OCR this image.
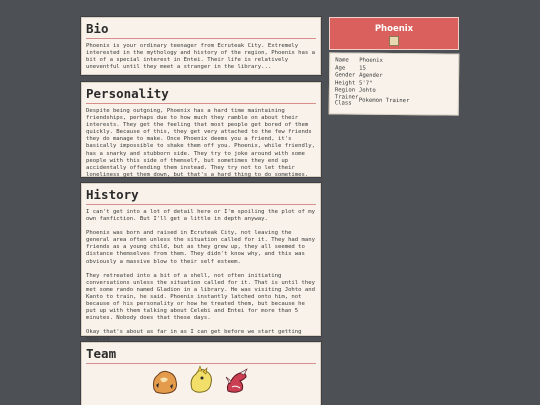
Bio
Phoenix is your ordinary teenager from Ecruteak City. Extremely interested in the mythology and history of the region, Phoenix has a bit of a special interest in Entei. Their life is relatively uneventful until they meet a stranger in the library...
Personality
Despite being outgoing, Phoenix has a hard time maintaining friendships, perhaps due to how much they ramble on about their interests. They get the feeling that most people get bored of them quickly. Because of this, they get very attached to the few friends they do manage to make. Once Phoenix deems you a friend, it's basically impossible to shake them off you. Phoenix, while friendly, has a snarky and stubborn side. They try to joke around with some people with this side of themself, but sometimes they end up accidentally offending them instead. They try not to let their loneliness get them down, but that's a hard thing to do sometimes.
History
I can't get into a lot of detail here or I'm spoiling the plot of my own fanfiction. But I'll get a little in depth anyway.
Phoenix was born and raised in Ecruteak City, not leaving the general area often unless the situation called for it. They had many friends as a young child, but as they grew up, they all seemed to distance themselves from them. They didn't know why, and this was obviously a massive blow to their self esteem.
They retreated into a bit of a shell, not often initiating conversations unless the situation called for it. That is until they met some rando named Gladion in a library. He was visiting Johto and Kanto to train, he said. Phoenix instantly latched onto him, not because of his personality or how he treated them, but because he put up with them talking about Celebi and Entei for more than 5 minutes. Nobody does that these days.
Okay that's about as far in as I can get before we start getting spoiled
Team
Phoenix
Name	Phoenix
Age	15
Gender Agender
Height 5'7"
Region Johto
Trainer Class	Pokemon Trainer
